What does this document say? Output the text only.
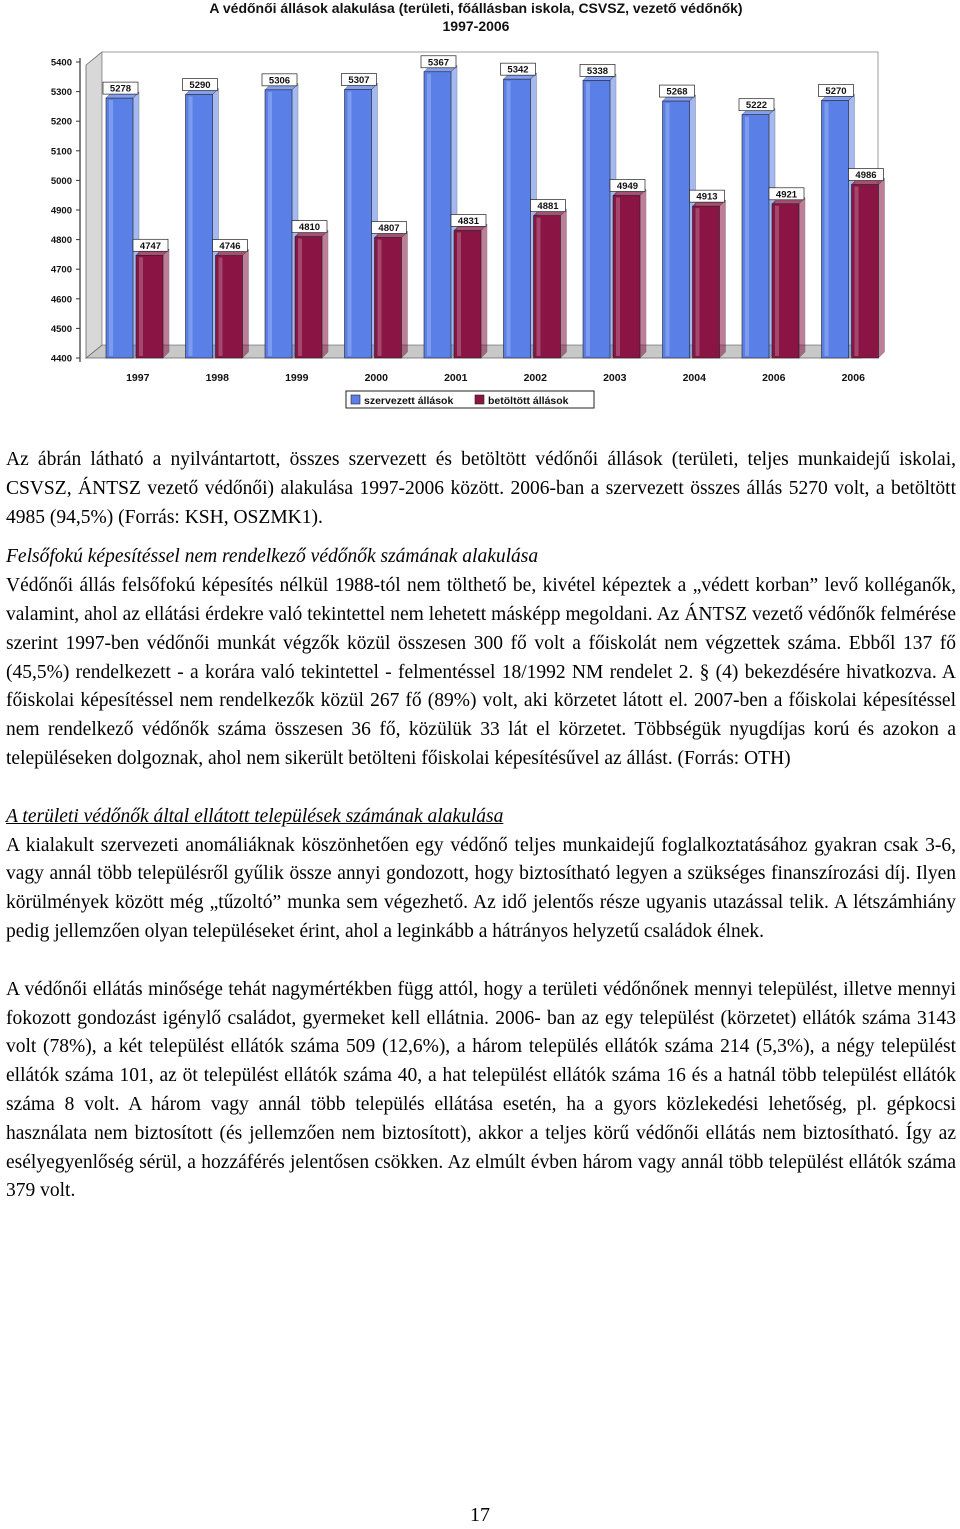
A védőnői állások alakulása (területi, főállásban iskola, CSVSZ, vezető védőnők)
1997-2006
4400
4500
4600
4700
4800
4900
5000
5100
5200
5300
5400
5278
4747
5290
4746
5306
4810
5307
4807
5367
4831
5342
4881
5338
4949
5268
4913
5222
4921
5270
4986
1997	1998	1999	2000	2001	2002	2003	2004	2006	2006
szervezett állások	betöltött állások

Az ábrán látható a nyilvántartott, összes szervezett és betöltött védőnői állások (területi, teljes munkaidejű iskolai, CSVSZ, ÁNTSZ vezető védőnői) alakulása 1997-2006 között. 2006-ban a szervezett összes állás 5270 volt, a betöltött 4985 (94,5%) (Forrás: KSH, OSZMK1).

Felsőfokú képesítéssel nem rendelkező védőnők számának alakulása

Védőnői állás felsőfokú képesítés nélkül 1988-tól nem tölthető be, kivétel képeztek a „védett korban” levő kolléganők, valamint, ahol az ellátási érdekre való tekintettel nem lehetett másképp megoldani. Az ÁNTSZ vezető védőnők felmérése szerint 1997-ben védőnői munkát végzők közül összesen 300 fő volt a főiskolát nem végzettek száma. Ebből 137 fő (45,5%) rendelkezett - a korára való tekintettel - felmentéssel 18/1992 NM rendelet 2. § (4) bekezdésére hivatkozva. A főiskolai képesítéssel nem rendelkezők közül 267 fő (89%) volt, aki körzetet látott el. 2007-ben a főiskolai képesítéssel nem rendelkező védőnők száma összesen 36 fő, közülük 33 lát el körzetet. Többségük nyugdíjas korú és azokon a településeken dolgoznak, ahol nem sikerült betölteni főiskolai képesítésűvel az állást. (Forrás: OTH)

A területi védőnők által ellátott települések számának alakulása

A kialakult szervezeti anomáliáknak köszönhetően egy védőnő teljes munkaidejű foglalkoztatásához gyakran csak 3-6, vagy annál több településről gyűlik össze annyi gondozott, hogy biztosítható legyen a szükséges finanszírozási díj. Ilyen körülmények között még „tűzoltó” munka sem végezhető. Az idő jelentős része ugyanis utazással telik. A létszámhiány pedig jellemzően olyan településeket érint, ahol a leginkább a hátrányos helyzetű családok élnek.

A védőnői ellátás minősége tehát nagymértékben függ attól, hogy a területi védőnőnek mennyi települést, illetve mennyi fokozott gondozást igénylő családot, gyermeket kell ellátnia. 2006- ban az egy települést (körzetet) ellátók száma 3143 volt (78%), a két települést ellátók száma 509 (12,6%), a három település ellátók száma 214 (5,3%), a négy települést ellátók száma 101, az öt települést ellátók száma 40, a hat települést ellátók száma 16 és a hatnál több települést ellátók száma 8 volt. A három vagy annál több település ellátása esetén, ha a gyors közlekedési lehetőség, pl. gépkocsi használata nem biztosított (és jellemzően nem biztosított), akkor a teljes körű védőnői ellátás nem biztosítható. Így az esélyegyenlőség sérül, a hozzáférés jelentősen csökken. Az elmúlt évben három vagy annál több települést ellátók száma 379 volt.

17
